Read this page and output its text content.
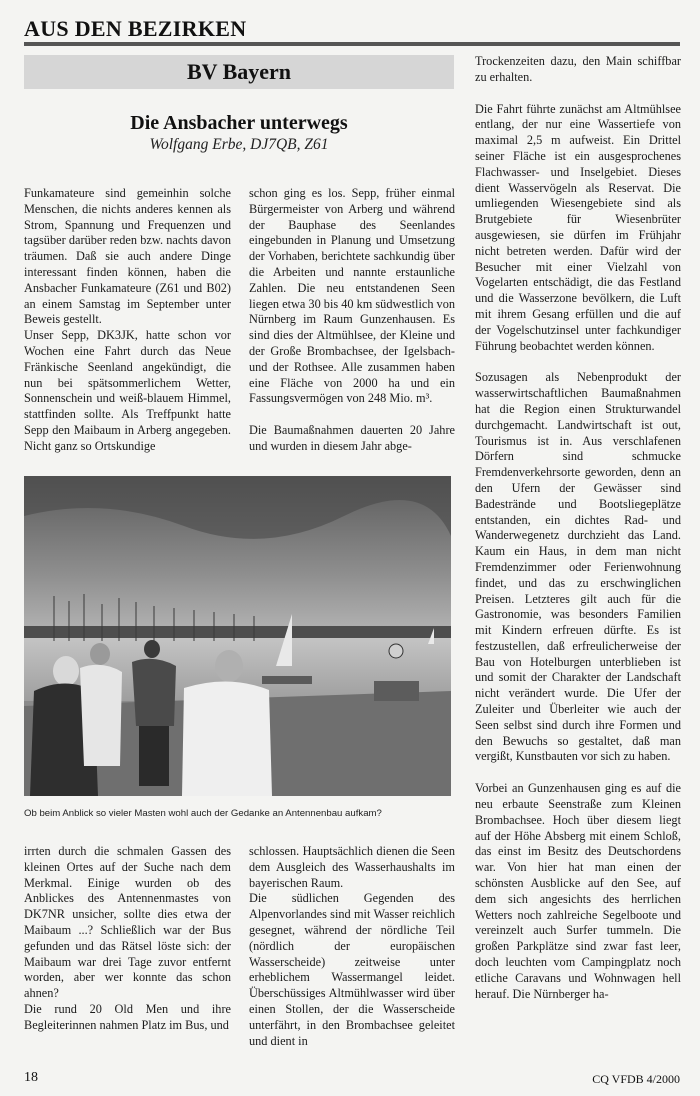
AUS DEN BEZIRKEN
BV Bayern
Die Ansbacher unterwegs
Wolfgang Erbe, DJ7QB, Z61

Funkamateure sind gemeinhin solche Menschen, die nichts anderes kennen als Strom, Spannung und Frequenzen und tagsüber darüber reden bzw. nachts davon träumen. Daß sie auch andere Dinge interessant finden können, haben die Ansbacher Funkamateure (Z61 und B02) an einem Samstag im September unter Beweis gestellt.

Unser Sepp, DK3JK, hatte schon vor Wochen eine Fahrt durch das Neue Fränkische Seenland angekündigt, die nun bei spätsommerlichem Wetter, Sonnenschein und weiß-blauem Himmel, stattfinden sollte. Als Treffpunkt hatte Sepp den Maibaum in Arberg angegeben. Nicht ganz so Ortskundige

schon ging es los. Sepp, früher einmal Bürgermeister von Arberg und während der Bauphase des Seenlandes eingebunden in Planung und Umsetzung der Vorhaben, berichtete sachkundig über die Arbeiten und nannte erstaunliche Zahlen. Die neu entstandenen Seen liegen etwa 30 bis 40 km südwestlich von Nürnberg im Raum Gunzenhausen. Es sind dies der Altmühlsee, der Kleine und der Große Brombachsee, der Igelsbach- und der Rothsee. Alle zusammen haben eine Fläche von 2000 ha und ein Fassungsvermögen von 248 Mio. m³.

Die Baumaßnahmen dauerten 20 Jahre und wurden in diesem Jahr abge-

Trockenzeiten dazu, den Main schiffbar zu erhalten.

Die Fahrt führte zunächst am Altmühlsee entlang, der nur eine Wassertiefe von maximal 2,5 m aufweist. Ein Drittel seiner Fläche ist ein ausgesprochenes Flachwasser- und Inselgebiet. Dieses dient Wasservögeln als Reservat. Die umliegenden Wiesengebiete sind als Brutgebiete für Wiesenbrüter ausgewiesen, sie dürfen im Frühjahr nicht betreten werden. Dafür wird der Besucher mit einer Vielzahl von Vogelarten entschädigt, die das Festland und die Wasserzone bevölkern, die Luft mit ihrem Gesang erfüllen und die auf der Vogelschutzinsel unter fachkundiger Führung beobachtet werden können.

Sozusagen als Nebenprodukt der wasserwirtschaftlichen Baumaßnahmen hat die Region einen Strukturwandel durchgemacht. Landwirtschaft ist out, Tourismus ist in. Aus verschlafenen Dörfern sind schmucke Fremdenverkehrsorte geworden, denn an den Ufern der Gewässer sind Badestrände und Bootsliegeplätze entstanden, ein dichtes Rad- und Wanderwegenetz durchzieht das Land. Kaum ein Haus, in dem man nicht Fremdenzimmer oder Ferienwohnung findet, und das zu erschwinglichen Preisen. Letzteres gilt auch für die Gastronomie, was besonders Familien mit Kindern erfreuen dürfte. Es ist festzustellen, daß erfreulicherweise der Bau von Hotelburgen unterblieben ist und somit der Charakter der Landschaft nicht verändert wurde. Die Ufer der Zuleiter und Überleiter wie auch der Seen selbst sind durch ihre Formen und den Bewuchs so gestaltet, daß man vergißt, Kunstbauten vor sich zu haben.

Vorbei an Gunzenhausen ging es auf die neu erbaute Seenstraße zum Kleinen Brombachsee. Hoch über diesem liegt auf der Höhe Absberg mit einem Schloß, das einst im Besitz des Deutschordens war. Von hier hat man einen der schönsten Ausblicke auf den See, auf dem sich angesichts des herrlichen Wetters noch zahlreiche Segelboote und vereinzelt auch Surfer tummeln. Die großen Parkplätze sind zwar fast leer, doch leuchten vom Campingplatz noch etliche Caravans und Wohnwagen hell herauf. Die Nürnberger ha-

Ob beim Anblick so vieler Masten wohl auch der Gedanke an Antennenbau aufkam?

irrten durch die schmalen Gassen des kleinen Ortes auf der Suche nach dem Merkmal. Einige wurden ob des Anblickes des Antennenmastes von DK7NR unsicher, sollte dies etwa der Maibaum ...? Schließlich war der Bus gefunden und das Rätsel löste sich: der Maibaum war drei Tage zuvor entfernt worden, aber wer konnte das schon ahnen?

Die rund 20 Old Men und ihre Begleiterinnen nahmen Platz im Bus, und

schlossen. Hauptsächlich dienen die Seen dem Ausgleich des Wasserhaushalts im bayerischen Raum.

Die südlichen Gegenden des Alpenvorlandes sind mit Wasser reichlich gesegnet, während der nördliche Teil (nördlich der europäischen Wasserscheide) zeitweise unter erheblichem Wassermangel leidet. Überschüssiges Altmühlwasser wird über einen Stollen, der die Wasserscheide unterfährt, in den Brombachsee geleitet und dient in

18	CQ VFDB 4/2000
